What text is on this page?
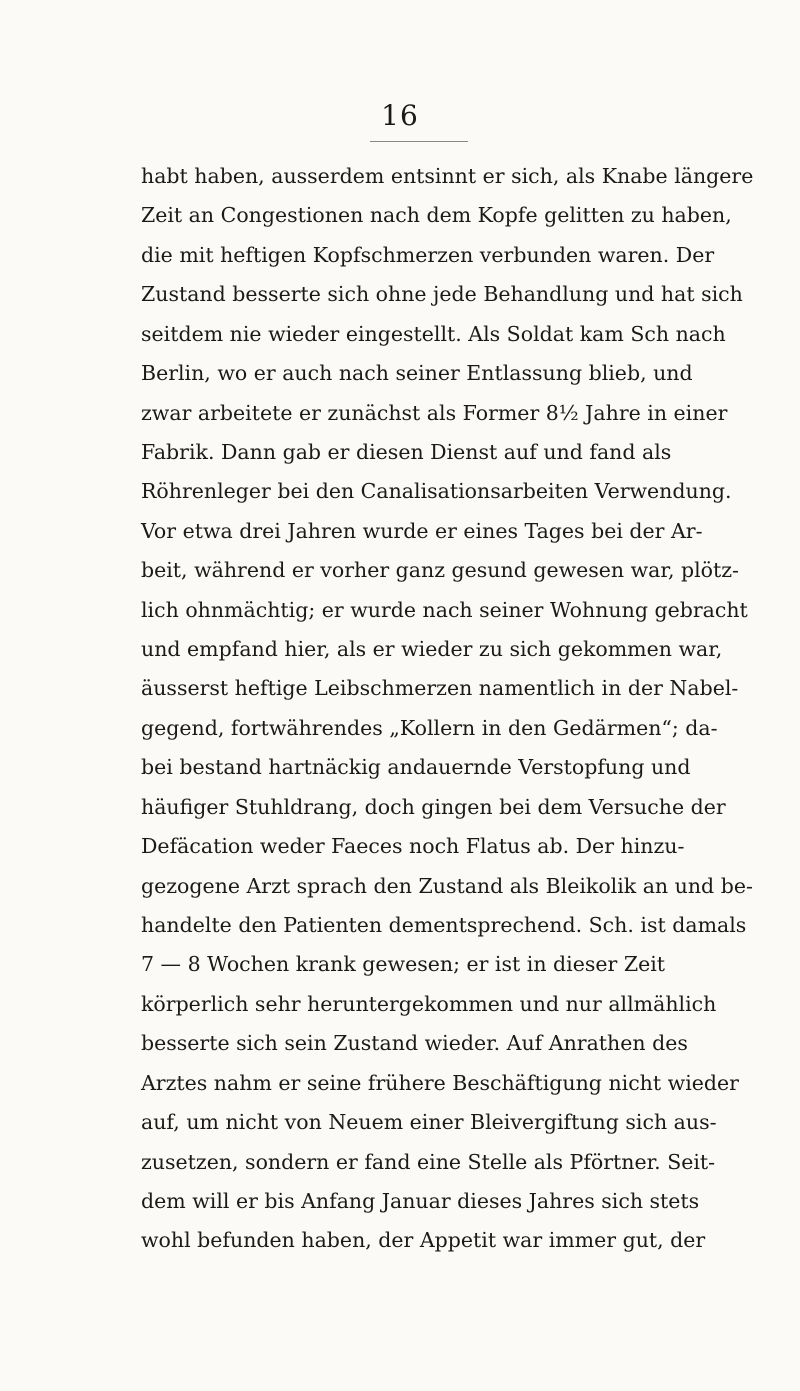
16
habt haben, ausserdem entsinnt er sich, als Knabe längere
Zeit an Congestionen nach dem Kopfe gelitten zu haben,
die mit heftigen Kopfschmerzen verbunden waren. Der
Zustand besserte sich ohne jede Behandlung und hat sich
seitdem nie wieder eingestellt. Als Soldat kam Sch nach
Berlin, wo er auch nach seiner Entlassung blieb, und
zwar arbeitete er zunächst als Former 8½ Jahre in einer
Fabrik. Dann gab er diesen Dienst auf und fand als
Röhrenleger bei den Canalisationsarbeiten Verwendung.
Vor etwa drei Jahren wurde er eines Tages bei der Ar-
beit, während er vorher ganz gesund gewesen war, plötz-
lich ohnmächtig; er wurde nach seiner Wohnung gebracht
und empfand hier, als er wieder zu sich gekommen war,
äusserst heftige Leibschmerzen namentlich in der Nabel-
gegend, fortwährendes „Kollern in den Gedärmen“; da-
bei bestand hartnäckig andauernde Verstopfung und
häufiger Stuhldrang, doch gingen bei dem Versuche der
Defäcation weder Faeces noch Flatus ab. Der hinzu-
gezogene Arzt sprach den Zustand als Bleikolik an und be-
handelte den Patienten dementsprechend. Sch. ist damals
7 — 8 Wochen krank gewesen; er ist in dieser Zeit
körperlich sehr heruntergekommen und nur allmählich
besserte sich sein Zustand wieder. Auf Anrathen des
Arztes nahm er seine frühere Beschäftigung nicht wieder
auf, um nicht von Neuem einer Bleivergiftung sich aus-
zusetzen, sondern er fand eine Stelle als Pförtner. Seit-
dem will er bis Anfang Januar dieses Jahres sich stets
wohl befunden haben, der Appetit war immer gut, der
